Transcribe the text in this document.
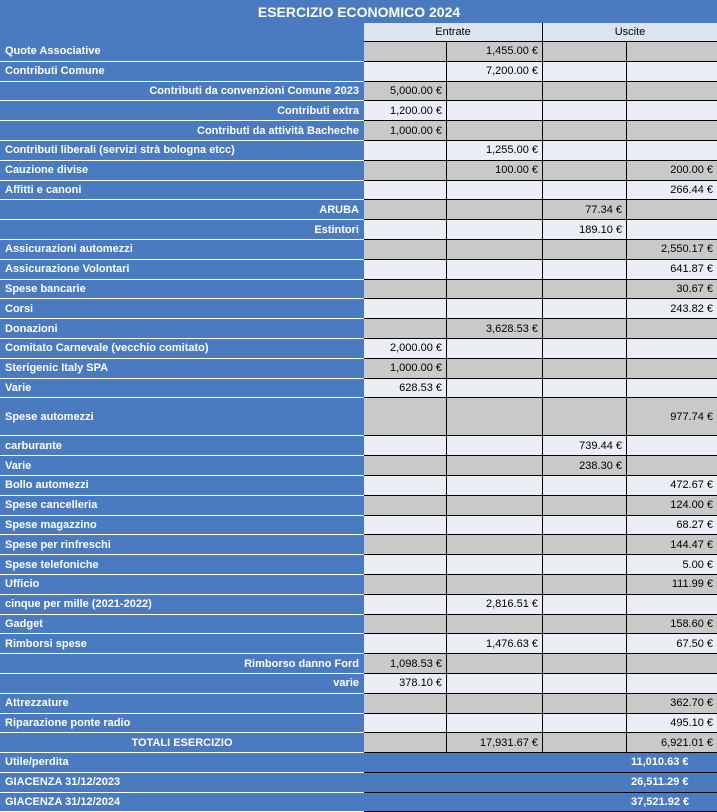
ESERCIZIO ECONOMICO 2024				
	Entrate		Uscite	
Quote Associative		1,455.00 €		
Contributi Comune		7,200.00 €		
Contributi da convenzioni Comune 2023	5,000.00 €			
Contributi extra	1,200.00 €			
Contributi da attività Bacheche	1,000.00 €			
Contributi liberali (servizi strà bologna etcc)		1,255.00 €		
Cauzione divise		100.00 €		200.00 €
Affitti e canoni				266.44 €
ARUBA			77.34 €	
Estintori			189.10 €	
Assicurazioni automezzi				2,550.17 €
Assicurazione Volontari				641.87 €
Spese bancarie				30.67 €
Corsi				243.82 €
Donazioni		3,628.53 €		
Comitato Carnevale (vecchio comitato)	2,000.00 €			
Sterigenic Italy SPA	1,000.00 €			
Varie	628.53 €			
Spese automezzi				977.74 €
carburante			739.44 €	
Varie			238.30 €	
Bollo automezzi				472.67 €
Spese cancelleria				124.00 €
Spese magazzino				68.27 €
Spese per rinfreschi				144.47 €
Spese telefoniche				5.00 €
Ufficio				111.99 €
cinque per mille (2021-2022)		2,816.51 €		
Gadget				158.60 €
Rimborsi spese		1,476.63 €		67.50 €
Rimborso danno Ford	1,098.53 €			
varie	378.10 €			
Attrezzature				362.70 €
Riparazione ponte radio				495.10 €
TOTALI ESERCIZIO		17,931.67 €		6,921.01 €
Utile/perdita				11,010.63 €
GIACENZA 31/12/2023				26,511.29 €
GIACENZA 31/12/2024				37,521.92 €
